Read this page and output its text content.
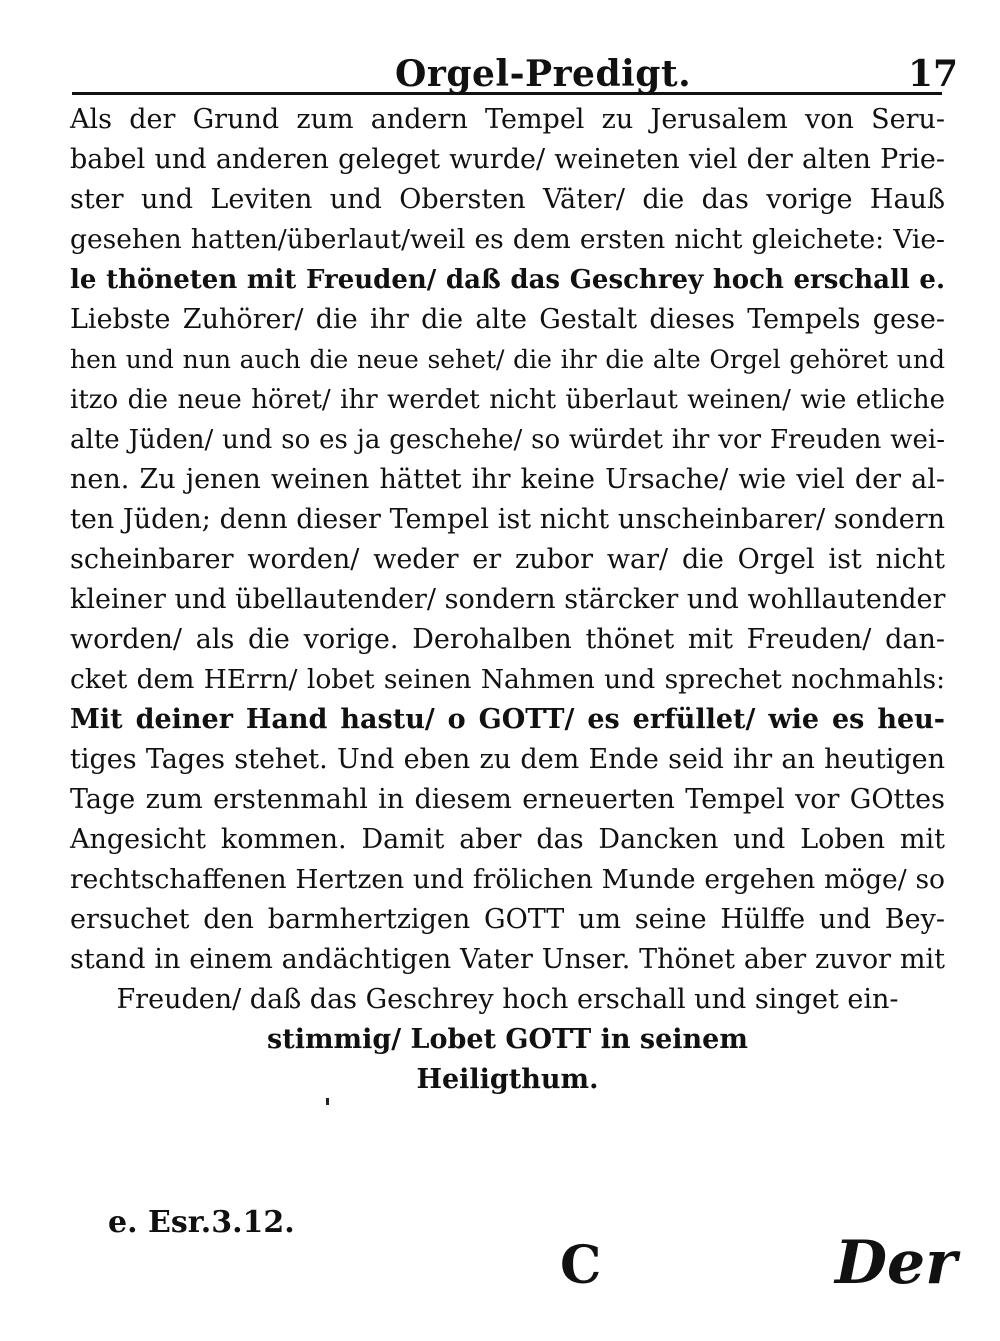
Orgel-Predigt.	17
Als der Grund zum andern Tempel zu Jerusalem von Seru-
babel und anderen geleget wurde/ weineten viel der alten Prie-
ster und Leviten und Obersten Väter/ die das vorige Hauß
gesehen hatten/überlaut/weil es dem ersten nicht gleichete: Vie-
le thöneten mit Freuden/ daß das Geschrey hoch erschall e.
Liebste Zuhörer/ die ihr die alte Gestalt dieses Tempels gese-
hen und nun auch die neue sehet/ die ihr die alte Orgel gehöret und
itzo die neue höret/ ihr werdet nicht überlaut weinen/ wie etliche
alte Jüden/ und so es ja geschehe/ so würdet ihr vor Freuden wei-
nen. Zu jenen weinen hättet ihr keine Ursache/ wie viel der al-
ten Jüden; denn dieser Tempel ist nicht unscheinbarer/ sondern
scheinbarer worden/ weder er zubor war/ die Orgel ist nicht
kleiner und übellautender/ sondern stärcker und wohllautender
worden/ als die vorige. Derohalben thönet mit Freuden/ dan-
cket dem HErrn/ lobet seinen Nahmen und sprechet nochmahls:
Mit deiner Hand hastu/ o GOTT/ es erfüllet/ wie es heu-
tiges Tages stehet. Und eben zu dem Ende seid ihr an heutigen
Tage zum erstenmahl in diesem erneuerten Tempel vor GOttes
Angesicht kommen. Damit aber das Dancken und Loben mit
rechtschaffenen Hertzen und frölichen Munde ergehen möge/ so
ersuchet den barmhertzigen GOTT um seine Hülffe und Bey-
stand in einem andächtigen Vater Unser. Thönet aber zuvor mit
Freuden/ daß das Geschrey hoch erschall und singet ein-
stimmig/ Lobet GOTT in seinem
Heiligthum.
e. Esr.3.12.
C	Der
